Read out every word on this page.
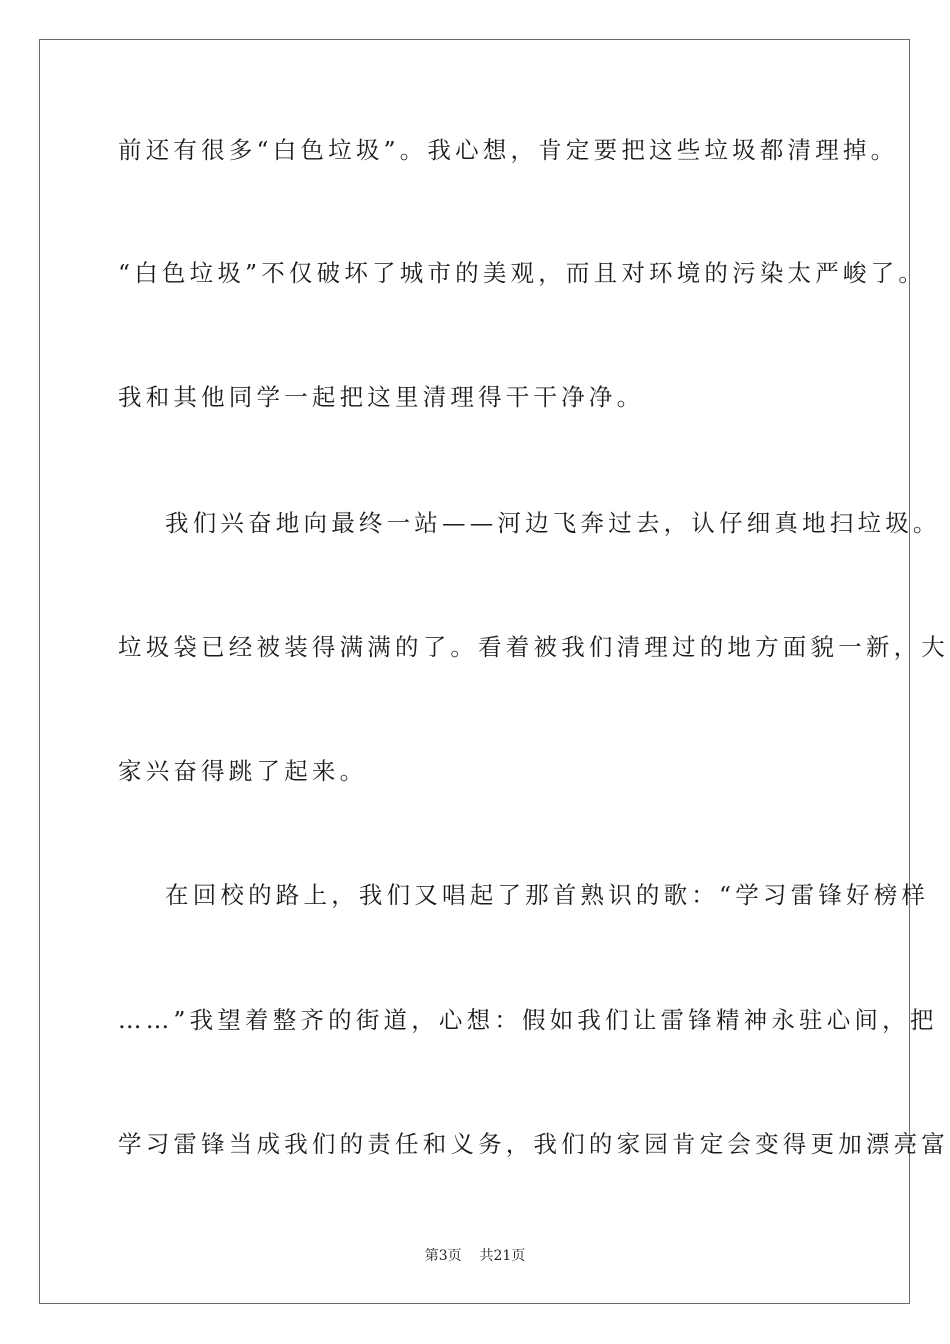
前还有很多“白色垃圾”。我心想，肯定要把这些垃圾都清理掉。
“白色垃圾”不仅破坏了城市的美观，而且对环境的污染太严峻了。
我和其他同学一起把这里清理得干干净净。
我们兴奋地向最终一站——河边飞奔过去，认仔细真地扫垃圾。
垃圾袋已经被装得满满的了。看着被我们清理过的地方面貌一新，大
家兴奋得跳了起来。
在回校的路上，我们又唱起了那首熟识的歌：“学习雷锋好榜样
……”我望着整齐的街道，心想：假如我们让雷锋精神永驻心间，把
学习雷锋当成我们的责任和义务，我们的家园肯定会变得更加漂亮富
第3页 共21页
